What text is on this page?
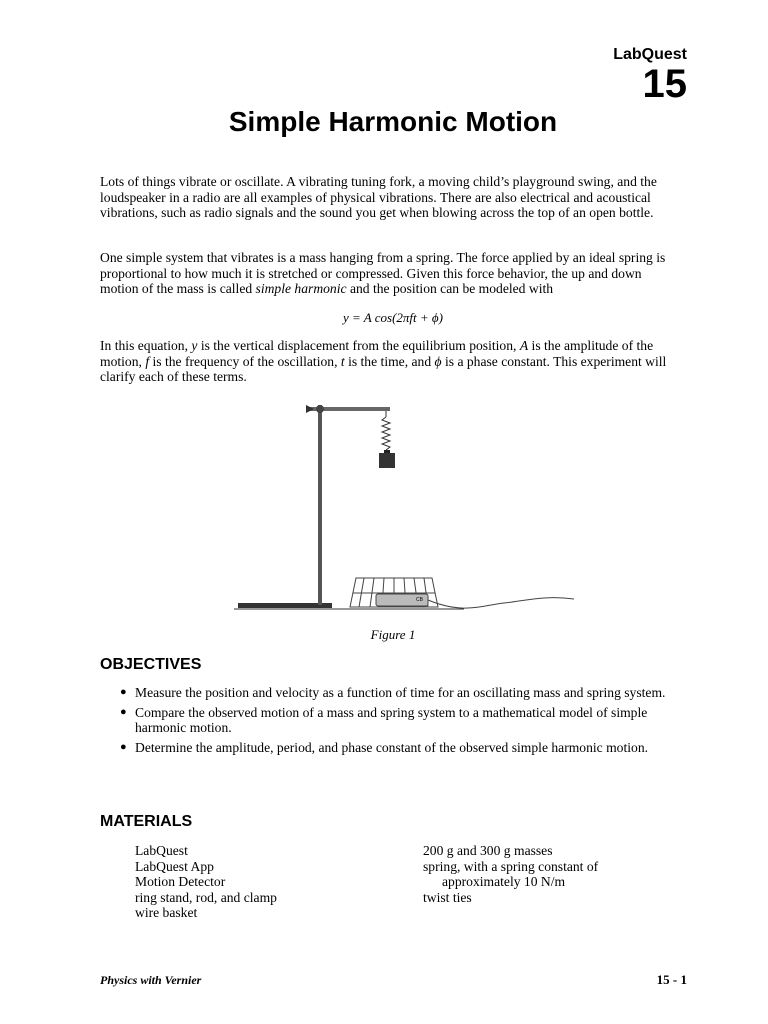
LabQuest
15
Simple Harmonic Motion

Lots of things vibrate or oscillate. A vibrating tuning fork, a moving child’s playground swing, and the loudspeaker in a radio are all examples of physical vibrations. There are also electrical and acoustical vibrations, such as radio signals and the sound you get when blowing across the top of an open bottle.

One simple system that vibrates is a mass hanging from a spring. The force applied by an ideal spring is proportional to how much it is stretched or compressed. Given this force behavior, the up and down motion of the mass is called simple harmonic and the position can be modeled with

y = A cos(2πft + ϕ)

In this equation, y is the vertical displacement from the equilibrium position, A is the amplitude of the motion, f is the frequency of the oscillation, t is the time, and ϕ is a phase constant. This experiment will clarify each of these terms.

CB
Figure 1
OBJECTIVES
● Measure the position and velocity as a function of time for an oscillating mass and spring system.
● Compare the observed motion of a mass and spring system to a mathematical model of simple harmonic motion.
● Determine the amplitude, period, and phase constant of the observed simple harmonic motion.
MATERIALS
LabQuest
LabQuest App
Motion Detector
ring stand, rod, and clamp
wire basket
200 g and 300 g masses
spring, with a spring constant of
approximately 10 N/m
twist ties
Physics with Vernier	15 - 1
